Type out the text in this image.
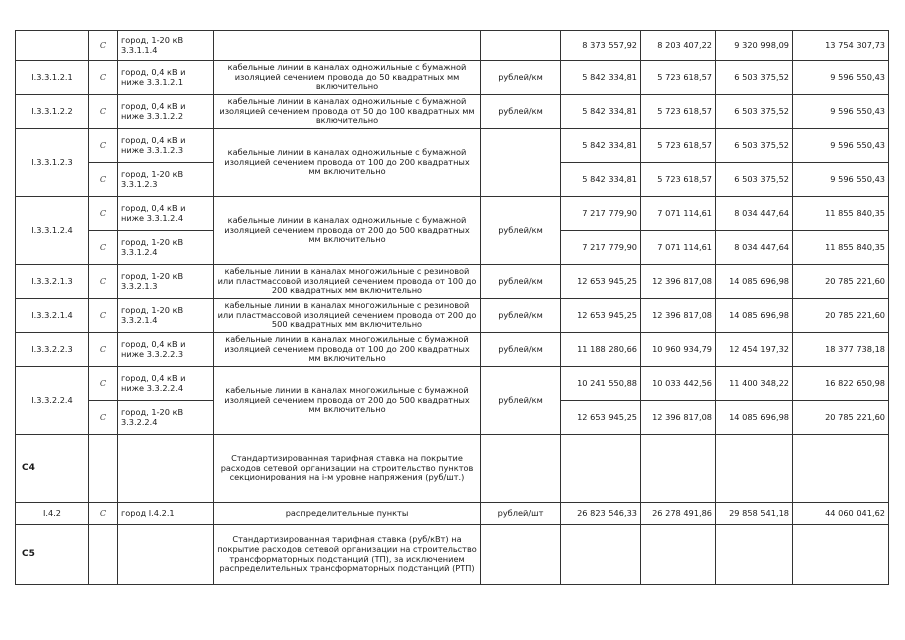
	C	город, 1-20 кВ 3.3.1.1.4			8 373 557,92	8 203 407,22	9 320 998,09	13 754 307,73
I.3.3.1.2.1	C	город, 0,4 кВ и ниже 3.3.1.2.1	кабельные линии в каналах одножильные с бумажной изоляцией сечением провода до 50 квадратных мм включительно	рублей/км	5 842 334,81	5 723 618,57	6 503 375,52	9 596 550,43
I.3.3.1.2.2	C	город, 0,4 кВ и ниже 3.3.1.2.2	кабельные линии в каналах одножильные с бумажной изоляцией сечением провода от 50 до 100 квадратных мм включительно	рублей/км	5 842 334,81	5 723 618,57	6 503 375,52	9 596 550,43
I.3.3.1.2.3	C	город, 0,4 кВ и ниже 3.3.1.2.3	кабельные линии в каналах одножильные с бумажной изоляцией сечением провода от 100 до 200 квадратных мм включительно		5 842 334,81	5 723 618,57	6 503 375,52	9 596 550,43
	C	город, 1-20 кВ 3.3.1.2.3			5 842 334,81	5 723 618,57	6 503 375,52	9 596 550,43
I.3.3.1.2.4	C	город, 0,4 кВ и ниже 3.3.1.2.4	кабельные линии в каналах одножильные с бумажной изоляцией сечением провода от 200 до 500 квадратных мм включительно	рублей/км	7 217 779,90	7 071 114,61	8 034 447,64	11 855 840,35
	C	город, 1-20 кВ 3.3.1.2.4			7 217 779,90	7 071 114,61	8 034 447,64	11 855 840,35
I.3.3.2.1.3	C	город, 1-20 кВ 3.3.2.1.3	кабельные линии в каналах многожильные с резиновой или пластмассовой изоляцией сечением провода от 100 до 200 квадратных мм включительно	рублей/км	12 653 945,25	12 396 817,08	14 085 696,98	20 785 221,60
I.3.3.2.1.4	C	город, 1-20 кВ 3.3.2.1.4	кабельные линии в каналах многожильные с резиновой или пластмассовой изоляцией сечением провода от 200 до 500 квадратных мм включительно	рублей/км	12 653 945,25	12 396 817,08	14 085 696,98	20 785 221,60
I.3.3.2.2.3	C	город, 0,4 кВ и ниже 3.3.2.2.3	кабельные линии в каналах многожильные с бумажной изоляцией сечением провода от 100 до 200 квадратных мм включительно	рублей/км	11 188 280,66	10 960 934,79	12 454 197,32	18 377 738,18
I.3.3.2.2.4	C	город, 0,4 кВ и ниже 3.3.2.2.4	кабельные линии в каналах многожильные с бумажной изоляцией сечением провода от 200 до 500 квадратных мм включительно	рублей/км	10 241 550,88	10 033 442,56	11 400 348,22	16 822 650,98
	C	город, 1-20 кВ 3.3.2.2.4			12 653 945,25	12 396 817,08	14 085 696,98	20 785 221,60
C4			Стандартизированная тарифная ставка на покрытие расходов сетевой организации на строительство пунктов секционирования на i-м уровне напряжения (руб/шт.)					
I.4.2	C	город I.4.2.1	распределительные пункты	рублей/шт	26 823 546,33	26 278 491,86	29 858 541,18	44 060 041,62
C5			Стандартизированная тарифная ставка (руб/кВт) на покрытие расходов сетевой организации на строительство трансформаторных подстанций (ТП), за исключением распределительных трансформаторных подстанций (РТП)					
